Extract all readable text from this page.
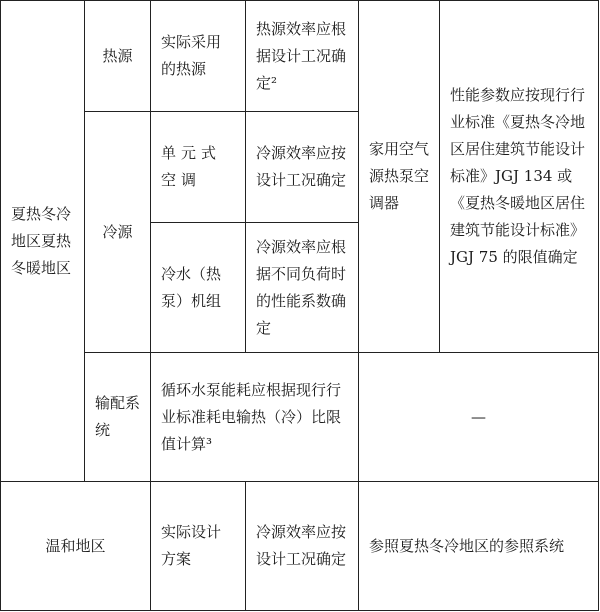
夏热冬冷地区夏热冬暖地区	热源	实际采用的热源	热源效率应根据设计工况确定²	家用空气源热泵空调器	性能参数应按现行行业标准《夏热冬冷地区居住建筑节能设计标准》JGJ 134 或《夏热冬暖地区居住建筑节能设计标准》JGJ 75 的限值确定
	冷源	单元式空调	冷源效率应按设计工况确定		
		冷水（热泵）机组	冷源效率应根据不同负荷时的性能系数确定		
	输配系统	循环水泵能耗应根据现行行业标准耗电输热（冷）比限值计算³		—	
温和地区		实际设计方案	冷源效率应按设计工况确定	参照夏热冬冷地区的参照系统	
